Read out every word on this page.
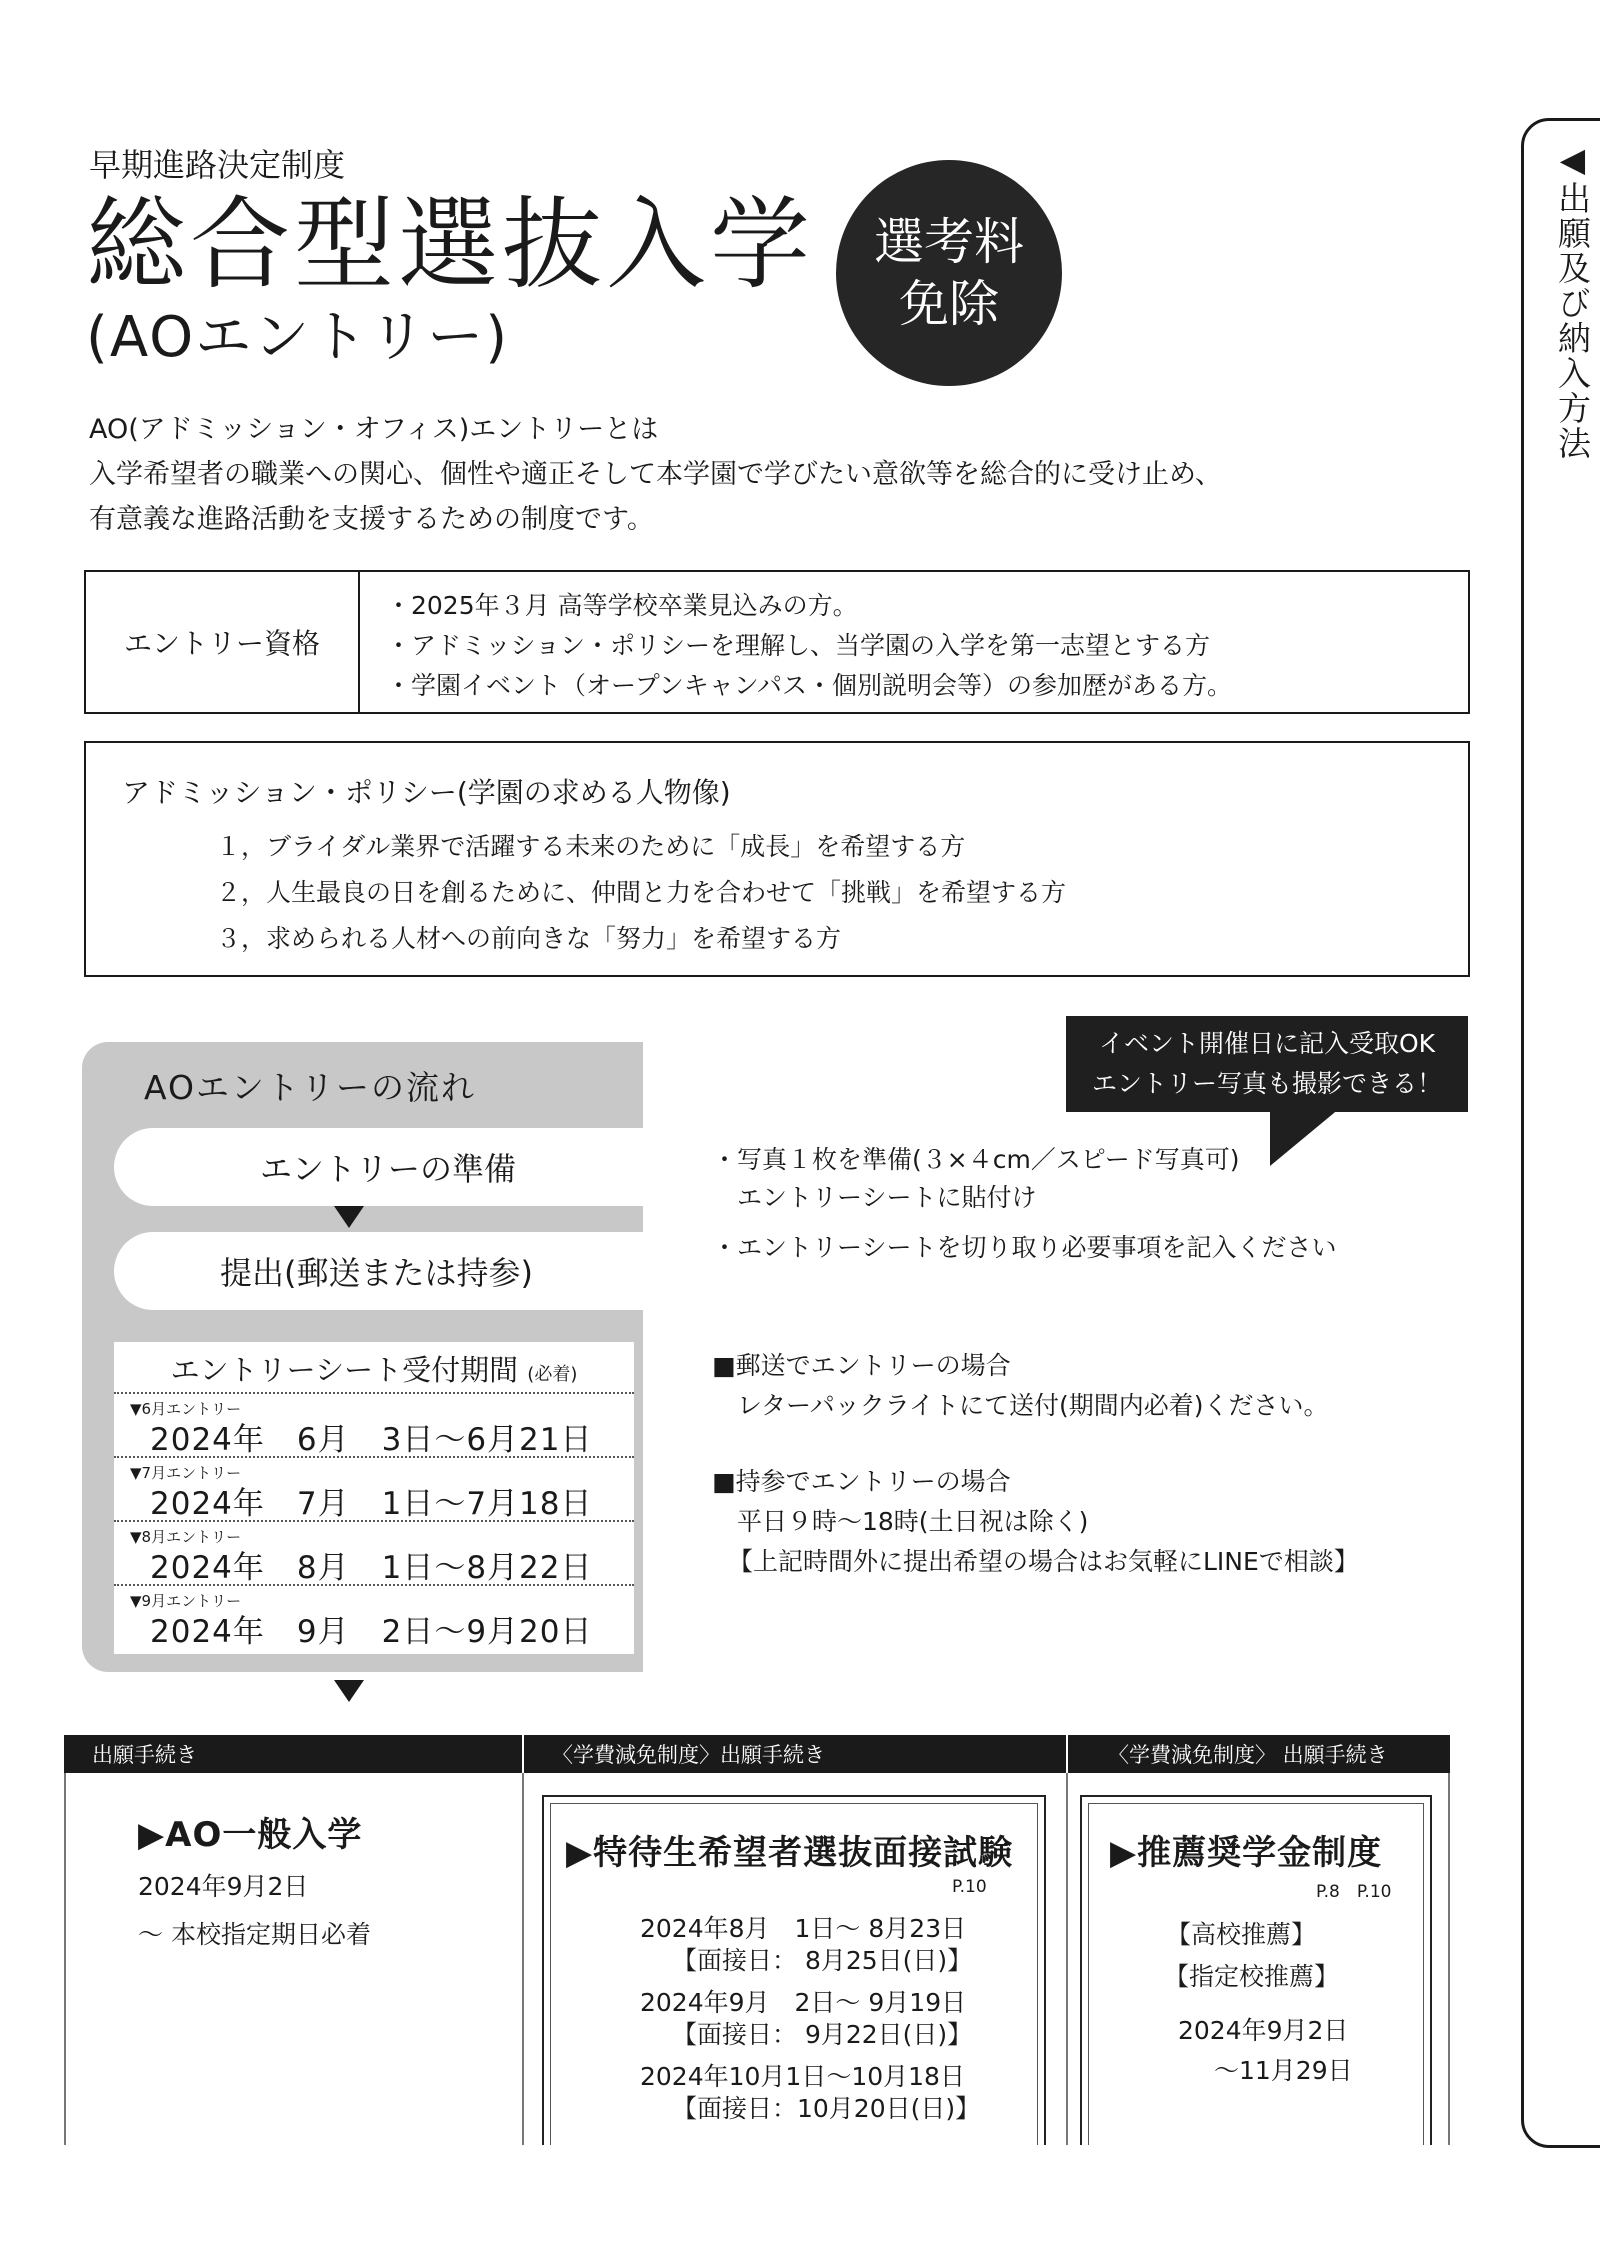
◀出願及び納入方法
早期進路決定制度
総合型選抜入学
(AOエントリー)
選考料
免除
AO(アドミッション・オフィス)エントリーとは
入学希望者の職業への関心、個性や適正そして本学園で学びたい意欲等を総合的に受け止め、
有意義な進路活動を支援するための制度です。
エントリー資格
・2025年３月 高等学校卒業見込みの方。
・アドミッション・ポリシーを理解し、当学園の入学を第一志望とする方
・学園イベント（オープンキャンパス・個別説明会等）の参加歴がある方。
アドミッション・ポリシー(学園の求める人物像)
１，ブライダル業界で活躍する未来のために「成長」を希望する方
２，人生最良の日を創るために、仲間と力を合わせて「挑戦」を希望する方
３，求められる人材への前向きな「努力」を希望する方
AOエントリーの流れ
エントリーの準備
提出(郵送または持参)
エントリーシート受付期間 (必着)
▼6月エントリー
2024年　6月　3日～6月21日
▼7月エントリー
2024年　7月　1日～7月18日
▼8月エントリー
2024年　8月　1日～8月22日
▼9月エントリー
2024年　9月　2日～9月20日
イベント開催日に記入受取OK
エントリー写真も撮影できる！
・写真１枚を準備(３×４cm／スピード写真可)
　エントリーシートに貼付け
・エントリーシートを切り取り必要事項を記入ください
■郵送でエントリーの場合
　レターパックライトにて送付(期間内必着)ください。
■持参でエントリーの場合
　平日９時～18時(土日祝は除く)
【上記時間外に提出希望の場合はお気軽にLINEで相談】
出願手続き	〈学費減免制度〉出願手続き	〈学費減免制度〉 出願手続き
▶AO一般入学
2024年9月2日
～ 本校指定期日必着
▶特待生希望者選抜面接試験
P.10
2024年8月　1日～ 8月23日
【面接日： 8月25日(日)】
2024年9月　2日～ 9月19日
【面接日： 9月22日(日)】
2024年10月1日～10月18日
【面接日：10月20日(日)】
▶推薦奨学金制度
P.8　P.10
【高校推薦】
【指定校推薦】
2024年9月2日
～11月29日
